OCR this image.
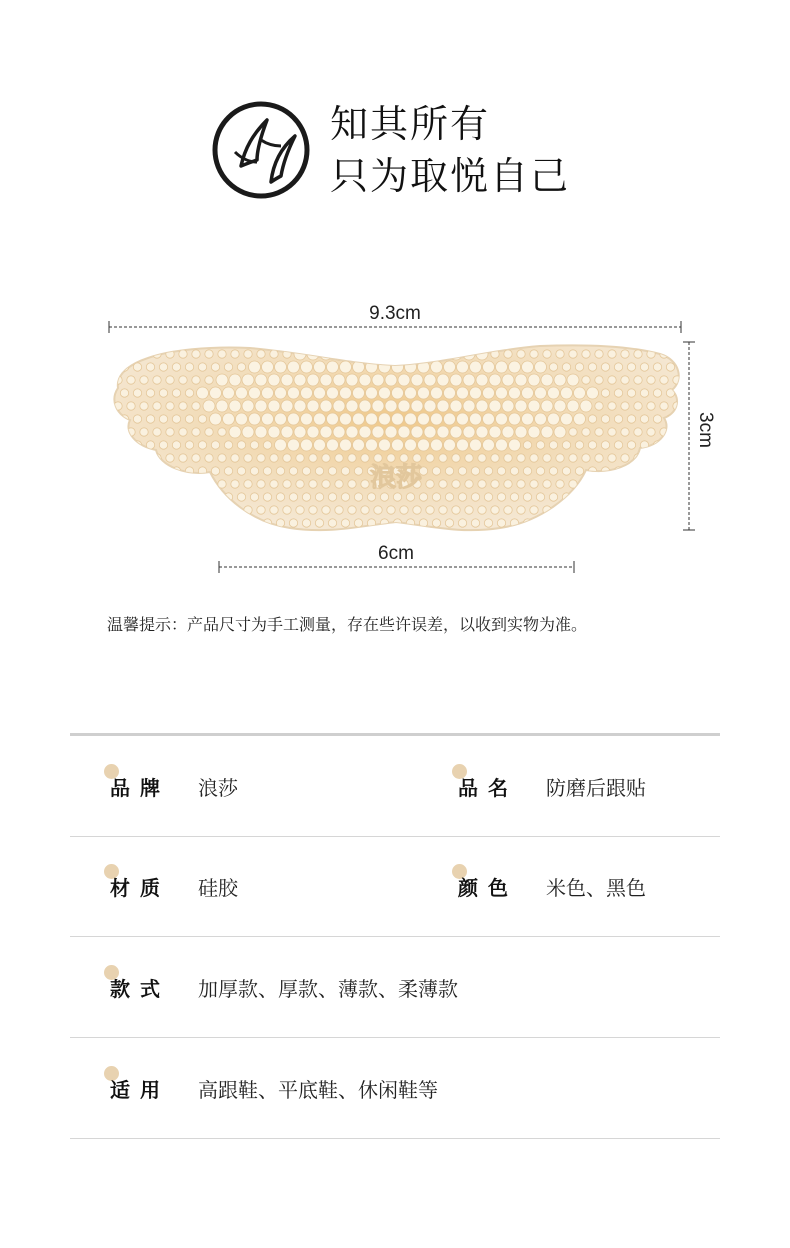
知其所有
只为取悦自己
9.3cm
3cm
6cm
浪莎
温馨提示：产品尺寸为手工测量，存在些许误差，以收到实物为准。
品牌	浪莎	品名	防磨后跟贴
材质	硅胶	颜色	米色、黑色
款式	加厚款、厚款、薄款、柔薄款
适用	高跟鞋、平底鞋、休闲鞋等
